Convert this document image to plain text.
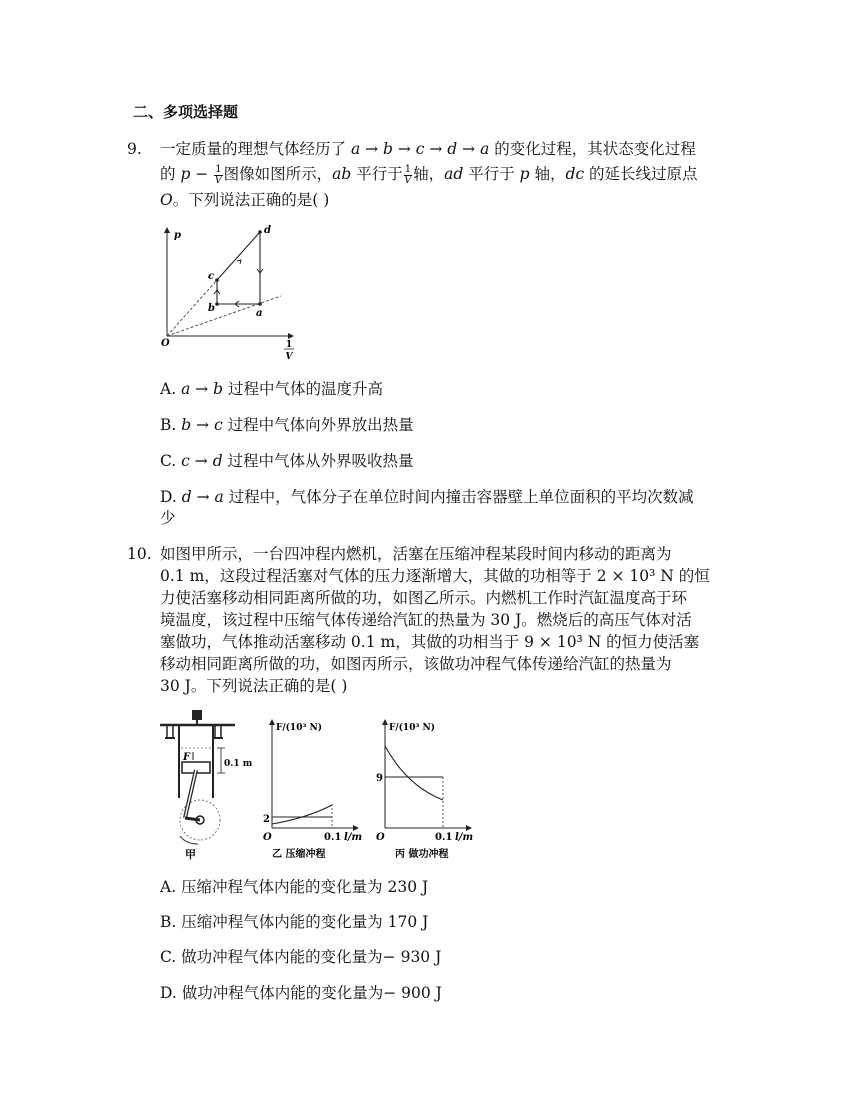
二、多项选择题
9. 一定质量的理想气体经历了 a → b → c → d → a 的变化过程，其状态变化过程
的 $p - \frac{1}{V}$ 图像如图所示，ab 平行于 $\frac{1}{V}$ 轴，ad 平行于 p 轴，dc 的延长线过原点
O。下列说法正确的是( )
p	d
c
b	a
O	1
V
A. a → b 过程中气体的温度升高
B. b → c 过程中气体向外界放出热量
C. c → d 过程中气体从外界吸收热量
D. d → a 过程中，气体分子在单位时间内撞击容器壁上单位面积的平均次数减
少
10. 如图甲所示，一台四冲程内燃机，活塞在压缩冲程某段时间内移动的距离为
0.1 m，这段过程活塞对气体的压力逐渐增大，其做的功相等于 2 × 10³ N 的恒
力使活塞移动相同距离所做的功，如图乙所示。内燃机工作时汽缸温度高于环
境温度，该过程中压缩气体传递给汽缸的热量为 30 J。燃烧后的高压气体对活
塞做功，气体推动活塞移动 0.1 m，其做的功相当于 9 × 10³ N 的恒力使活塞
移动相同距离所做的功，如图丙所示，该做功冲程气体传递给汽缸的热量为
30 J。下列说法正确的是( )
F
0.1 m
甲
F/(10³ N)
2
O	0.1 l/m
乙 压缩冲程
F/(10³ N)
9
O	0.1 l/m
丙 做功冲程
A. 压缩冲程气体内能的变化量为 230 J
B. 压缩冲程气体内能的变化量为 170 J
C. 做功冲程气体内能的变化量为− 930 J
D. 做功冲程气体内能的变化量为− 900 J
